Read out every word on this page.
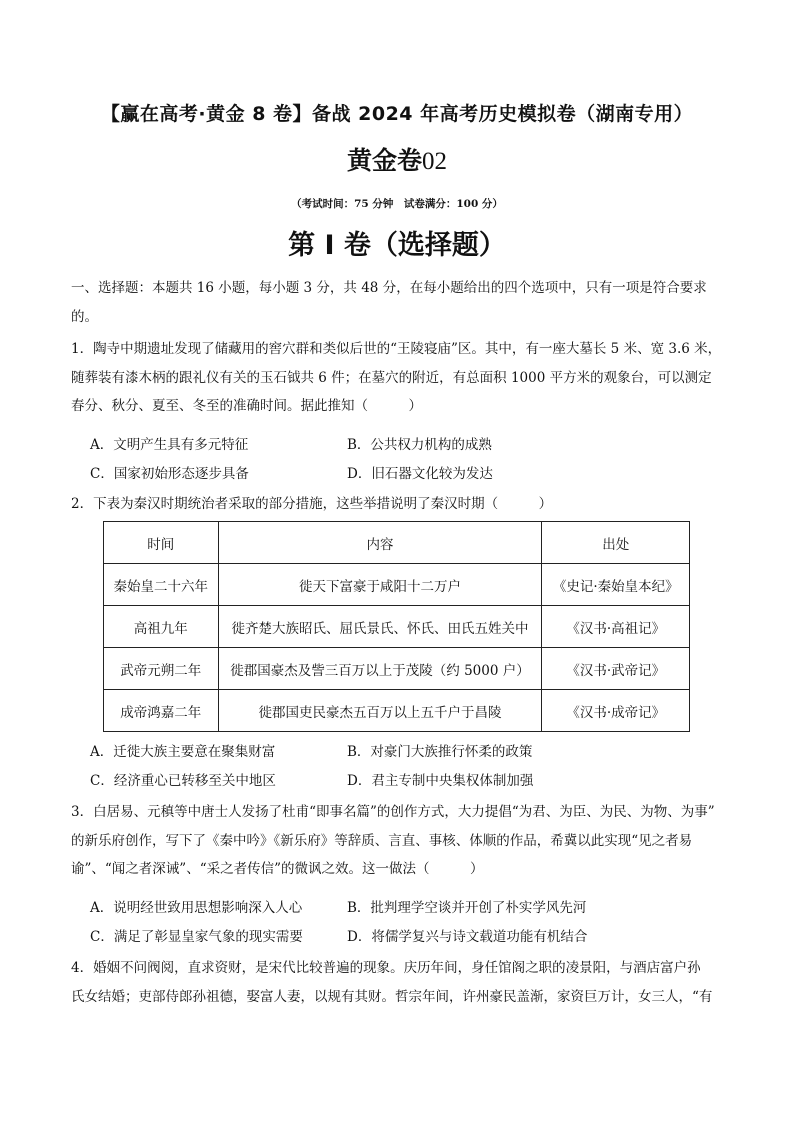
【赢在高考·黄金 8 卷】备战 2024 年高考历史模拟卷（湖南专用）
黄金卷02
（考试时间：75 分钟　试卷满分：100 分）
第 I 卷（选择题）
一、选择题：本题共 16 小题，每小题 3 分，共 48 分，在每小题给出的四个选项中，只有一项是符合要求
的。
1．陶寺中期遗址发现了储藏用的窖穴群和类似后世的“王陵寝庙”区。其中，有一座大墓长 5 米、宽 3.6 米，
随葬装有漆木柄的跟礼仪有关的玉石钺共 6 件；在墓穴的附近，有总面积 1000 平方米的观象台，可以测定
春分、秋分、夏至、冬至的准确时间。据此推知（　　　）
A．文明产生具有多元特征	B．公共权力机构的成熟
C．国家初始形态逐步具备	D．旧石器文化较为发达
2．下表为秦汉时期统治者采取的部分措施，这些举措说明了秦汉时期（　　　）
时间	内容	出处
秦始皇二十六年	徙天下富豪于咸阳十二万户	《史记·秦始皇本纪》
高祖九年	徙齐楚大族昭氏、屈氏景氏、怀氏、田氏五姓关中	《汉书·高祖记》
武帝元朔二年	徙郡国豪杰及訾三百万以上于茂陵（约 5000 户）	《汉书·武帝记》
成帝鸿嘉二年	徙郡国吏民豪杰五百万以上五千户于昌陵	《汉书·成帝记》
A．迁徙大族主要意在聚集财富	B．对豪门大族推行怀柔的政策
C．经济重心已转移至关中地区	D．君主专制中央集权体制加强
3．白居易、元稹等中唐士人发扬了杜甫“即事名篇”的创作方式，大力提倡“为君、为臣、为民、为物、为事”
的新乐府创作，写下了《秦中吟》《新乐府》等辞质、言直、事核、体顺的作品，希冀以此实现“见之者易
谕”、“闻之者深诫”、“采之者传信”的微讽之效。这一做法（　　　）
A．说明经世致用思想影响深入人心	B．批判理学空谈并开创了朴实学风先河
C．满足了彰显皇家气象的现实需要	D．将儒学复兴与诗文载道功能有机结合
4．婚姻不问阀阅，直求资财，是宋代比较普遍的现象。庆历年间，身任馆阁之职的凌景阳，与酒店富户孙
氏女结婚；吏部侍郎孙祖德，娶富人妻，以规有其财。哲宗年间，许州豪民盖渐，家资巨万计，女三人，“有
